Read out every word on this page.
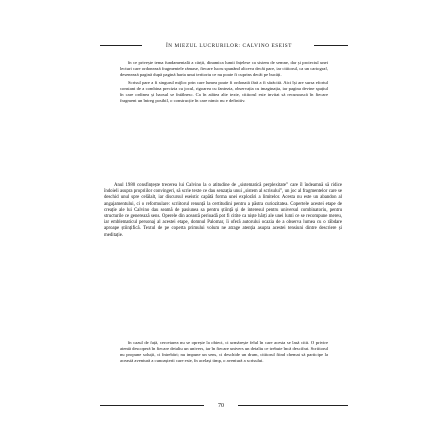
ÎN MIEZUL LUCRURILOR: CALVINO ESEIST

în ce privește tema fundamentală a cărții, dinamica lumii înțelese ca sistem de semne, dar și proiectul unei lecturi care ordonează fragmentele rămase, fiecare lucru spunând altceva decât pare, iar cititorul, ca un cartograf, desenează pagină după pagină harta unui teritoriu ce nu poate fi cuprins decât pe bucăți.

Scrisul pare a fi singurul mijloc prin care lumea poate fi ordonată fără a fi sărăcită. Aici își are sursa efortul constant de a combina precizia cu jocul, rigoarea cu fantezia, observația cu imaginația, iar pagina devine spațiul în care ordinea și haosul se întâlnesc. Ca în atâtea alte texte, cititorul este invitat să recunoască în fiecare fragment un întreg posibil, o construcție în care nimic nu e definitiv.

Anul 1980 consfințește trecerea lui Calvino la o atitudine de „sistematică perplexitate” care îl îndeamnă să ridice îndoieli asupra propriilor convingeri, să scrie texte ce dau senzația unui „sistem al scrisului”, un joc al fragmentelor care se deschid unul spre celălalt, iar discursul eseistic capătă forma unei explorări a limitelor. Acesta nu este un abandon al angajamentului, ci o reformulare: scriitorul renunță la certitudini pentru a păstra curiozitatea. Copertele acestei etape de creație ale lui Calvino dau seamă de pasiunea sa pentru știință și de interesul pentru universul combinatoriu, pentru structurile ce generează sens. Operele din această perioadă pot fi citite ca niște hărți ale unei lumi ce se recompune mereu, iar emblematicul personaj al acestei etape, domnul Palomar, îi oferă autorului ocazia de a observa lumea cu o răbdare aproape științifică. Textul de pe coperta primului volum ne atrage atenția asupra acestei tensiuni dintre descriere și meditație.

în cazul de față, cercetarea nu se oprește la obiect, ci urmărește felul în care acesta se lasă citit. O privire atentă descoperă în fiecare detaliu un univers, iar în fiecare univers un detaliu ce trebuie încă descifrat. Scriitorul nu propune soluții, ci întrebări; nu impune un sens, ci deschide un drum, cititorul fiind chemat să participe la această aventură a cunoașterii care este, în același timp, o aventură a scrisului.

70
